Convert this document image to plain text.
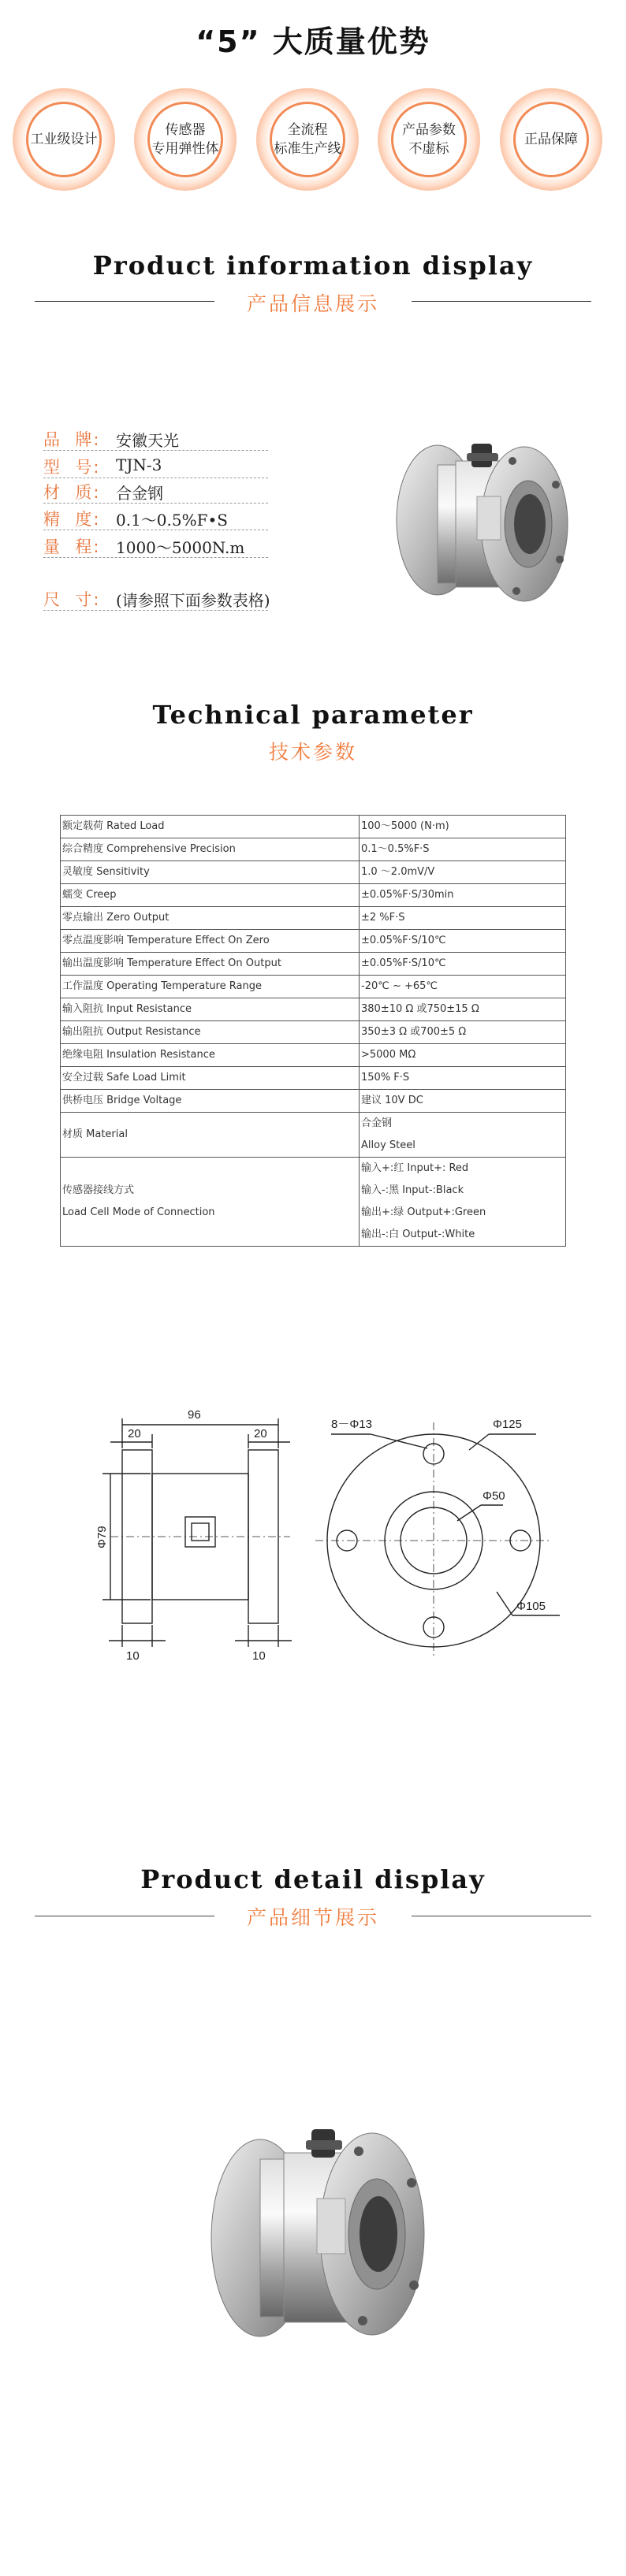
“5” 大质量优势
工业级设计
传感器
专用弹性体
全流程
标准生产线
产品参数
不虚标
正品保障
Product information display
产品信息展示
品  牌: 安徽天光
型  号: TJN-3
材  质: 合金钢
精  度: 0.1～0.5%F•S
量  程: 1000～5000N.m
尺  寸: (请参照下面参数表格)
Technical parameter
技术参数
额定载荷 Rated Load	100～5000 (N·m)
综合精度 Comprehensive Precision	0.1～0.5%F·S
灵敏度 Sensitivity	1.0 ～2.0mV/V
蠕变 Creep	±0.05%F·S/30min
零点输出 Zero Output	±2 %F·S
零点温度影响 Temperature Effect On Zero	±0.05%F·S/10℃
输出温度影响 Temperature Effect On Output	±0.05%F·S/10℃
工作温度 Operating Temperature Range	-20℃ ~ +65℃
输入阻抗 Input Resistance	380±10 Ω 或750±15 Ω
输出阻抗 Output Resistance	350±3 Ω 或700±5 Ω
绝缘电阻 Insulation Resistance	>5000 MΩ
安全过载 Safe Load Limit	150% F·S
供桥电压 Bridge Voltage	建议 10V DC
材质 Material	合金钢
Alloy Steel
传感器接线方式
Load Cell Mode of Connection	输入+:红 Input+: Red
输入-:黑 Input-:Black
输出+:绿 Output+:Green
输出-:白 Output-:White
96
20	20
Φ79
10	10
8－Φ13	Φ125
Φ50
Φ105
Product detail display
产品细节展示
